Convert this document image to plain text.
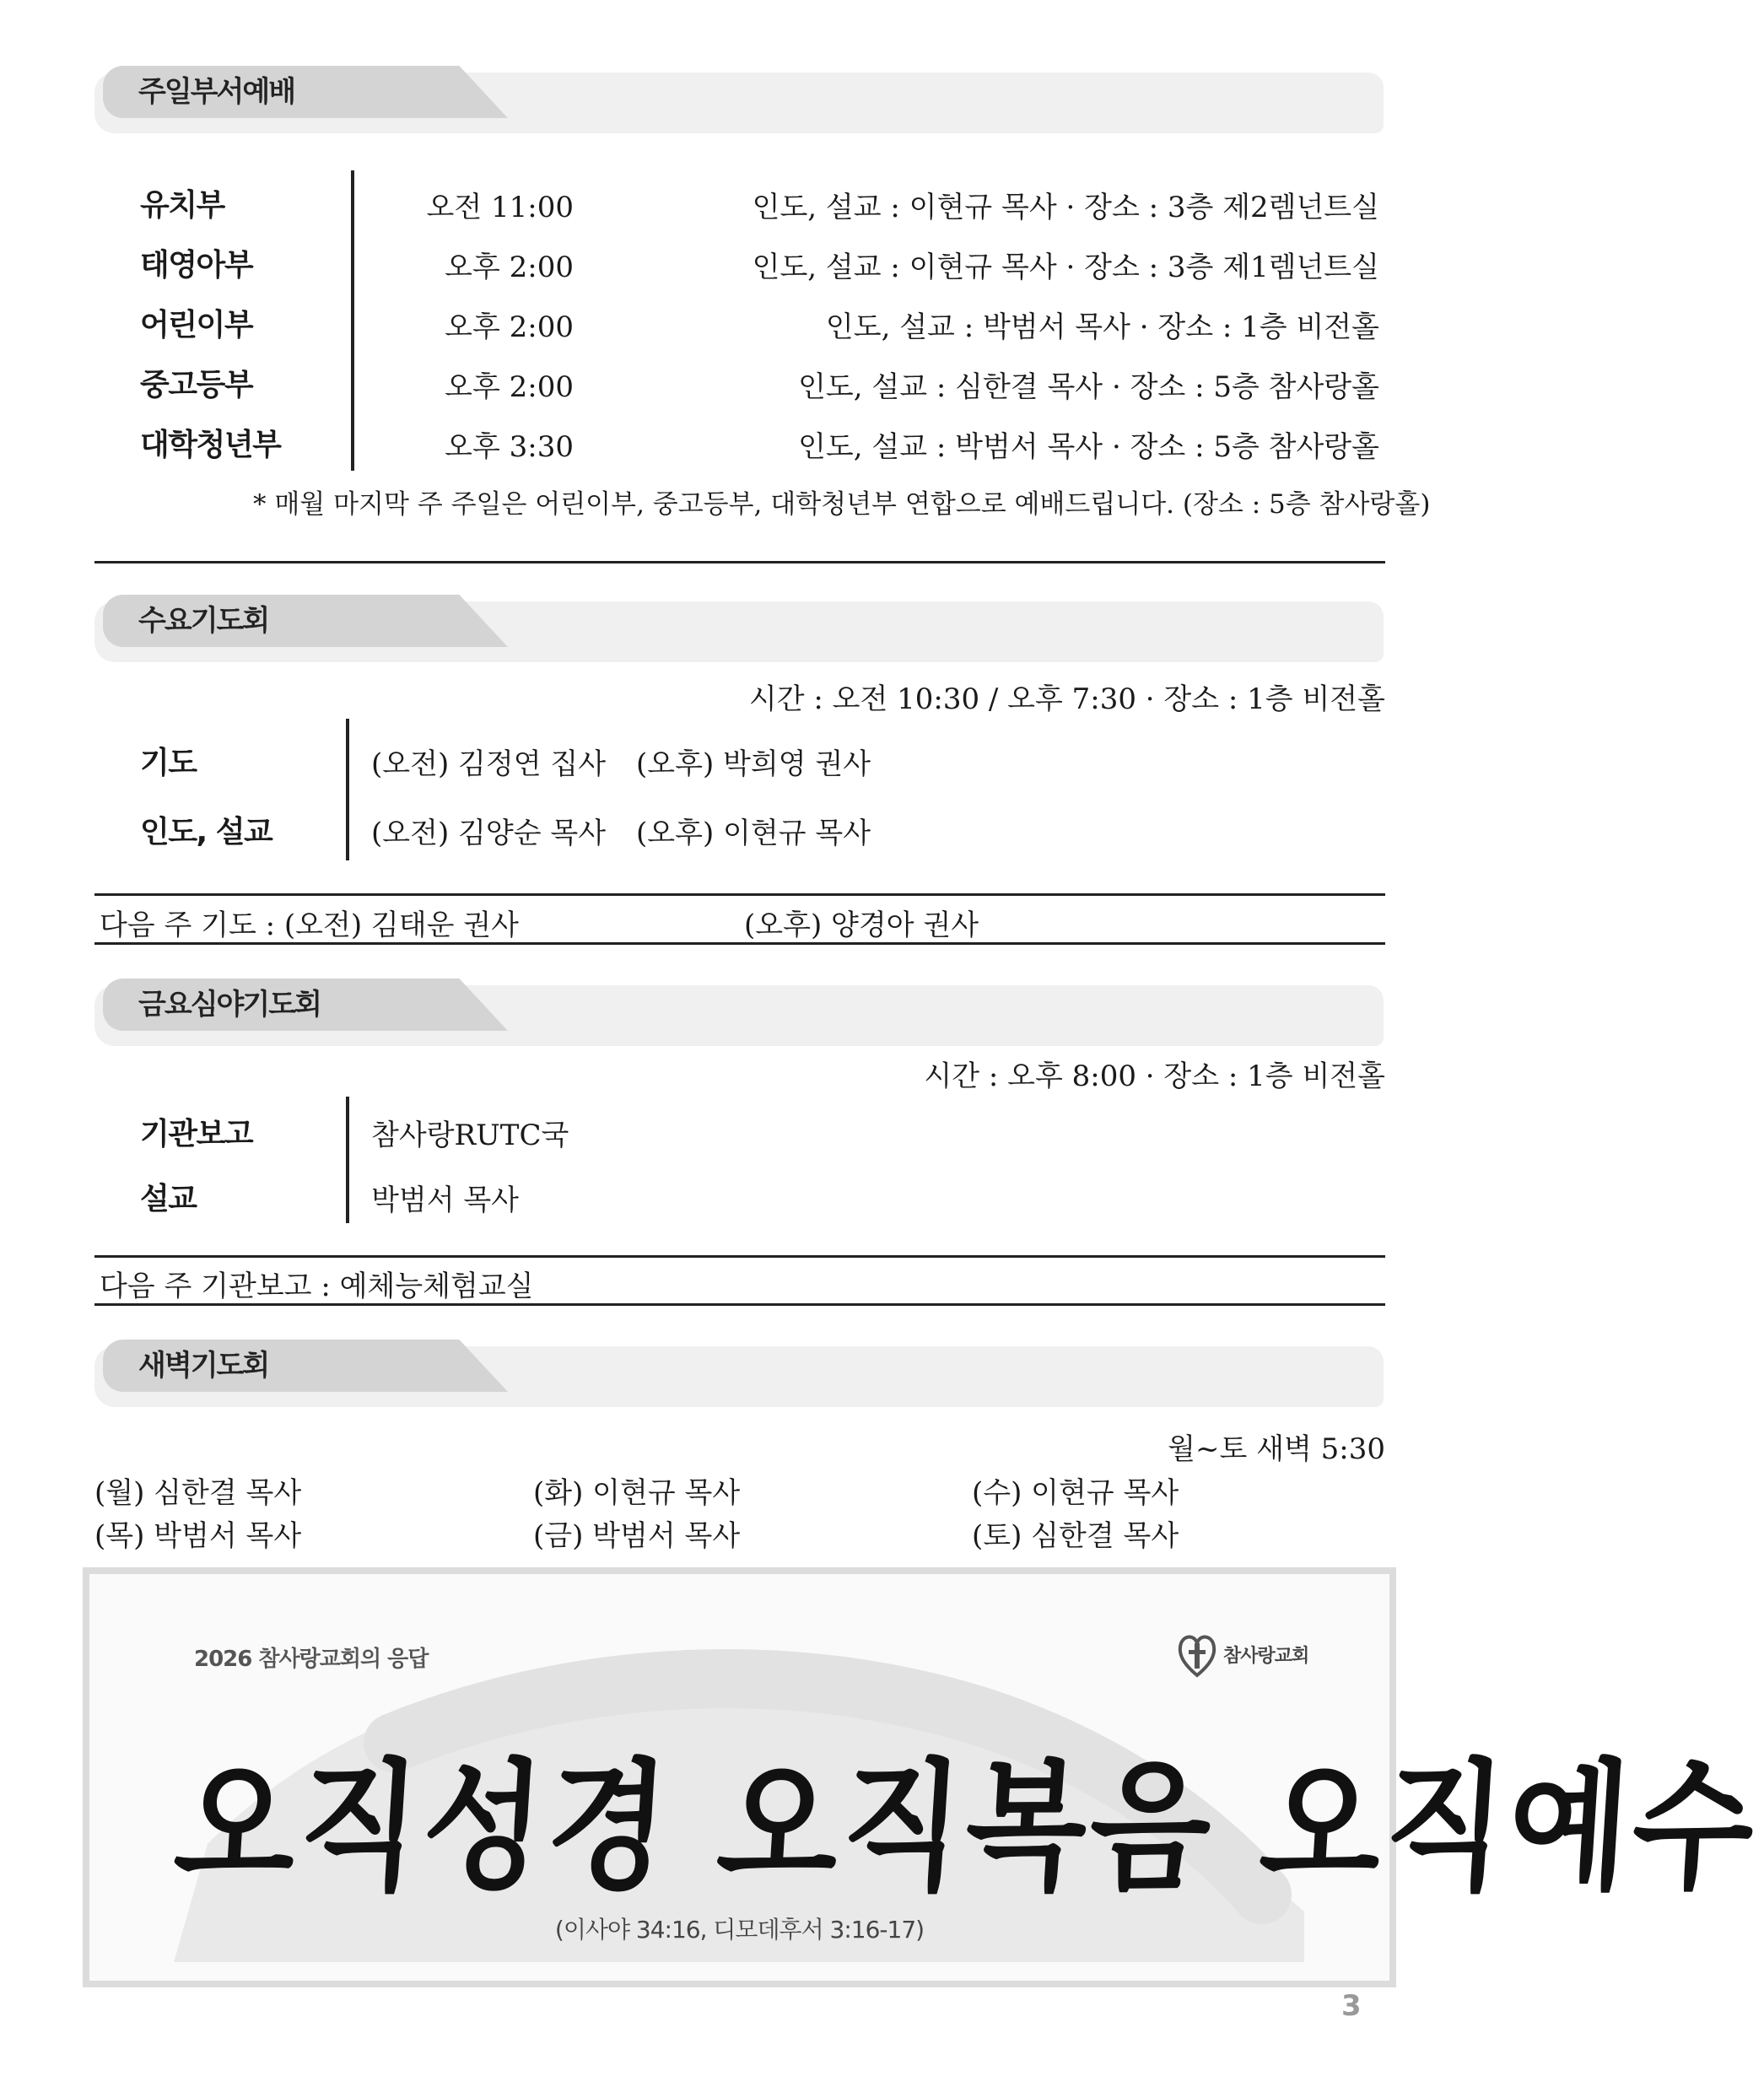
주일부서예배
유치부	오전 11:00	인도, 설교 : 이현규 목사 · 장소 : 3층 제2렘넌트실
태영아부	오후 2:00	인도, 설교 : 이현규 목사 · 장소 : 3층 제1렘넌트실
어린이부	오후 2:00	인도, 설교 : 박범서 목사 · 장소 : 1층 비전홀
중고등부	오후 2:00	인도, 설교 : 심한결 목사 · 장소 : 5층 참사랑홀
대학청년부	오후 3:30	인도, 설교 : 박범서 목사 · 장소 : 5층 참사랑홀
* 매월 마지막 주 주일은 어린이부, 중고등부, 대학청년부 연합으로 예배드립니다. (장소 : 5층 참사랑홀)
수요기도회
시간 : 오전 10:30 / 오후 7:30 · 장소 : 1층 비전홀
기도	(오전) 김정연 집사 (오후) 박희영 권사
인도, 설교	(오전) 김양순 목사 (오후) 이현규 목사
다음 주 기도 : (오전) 김태운 권사	(오후) 양경아 권사
금요심야기도회
시간 : 오후 8:00 · 장소 : 1층 비전홀
기관보고	참사랑RUTC국
설교	박범서 목사
다음 주 기관보고 : 예체능체험교실
새벽기도회
월~토 새벽 5:30
(월) 심한결 목사	(화) 이현규 목사	(수) 이현규 목사
(목) 박범서 목사	(금) 박범서 목사	(토) 심한결 목사
2026 참사랑교회의 응답	참사랑교회
오직성경 오직복음 오직예수
(이사야 34:16, 디모데후서 3:16-17)
3
